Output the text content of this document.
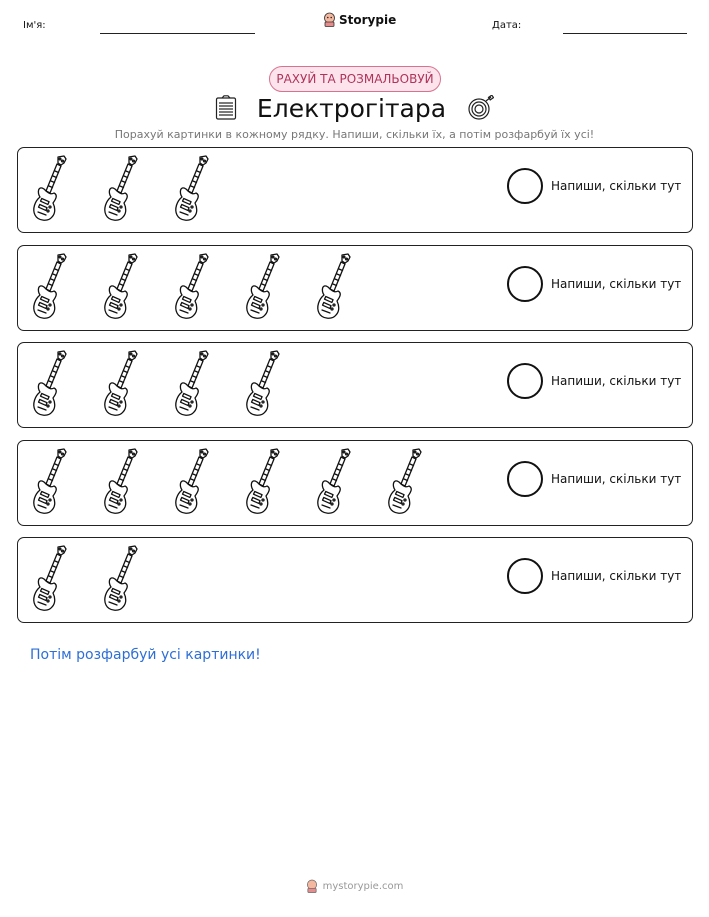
Ім'я:	Storypie	Дата:
РАХУЙ ТА РОЗМАЛЬОВУЙ
Електрогітара
Порахуй картинки в кожному рядку. Напиши, скільки їх, а потім розфарбуй їх усі!
Напиши, скільки тут
Напиши, скільки тут
Напиши, скільки тут
Напиши, скільки тут
Напиши, скільки тут
Потім розфарбуй усі картинки!
mystorypie.com
